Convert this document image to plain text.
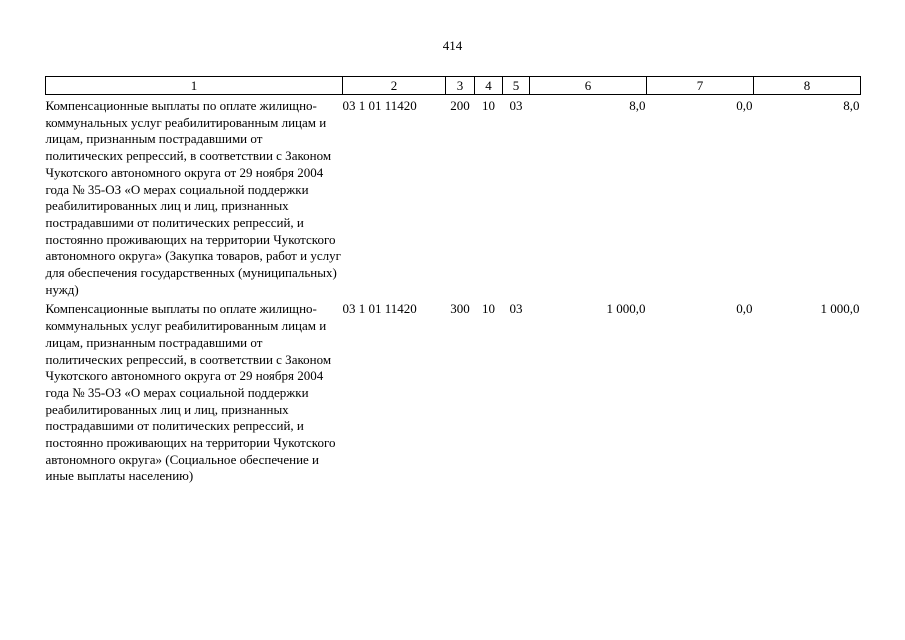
414
1	2	3	4	5	6	7	8
Компенсационные выплаты по оплате жилищно-коммунальных услуг реабилитированным лицам и лицам, признанным пострадавшими от политических репрессий, в соответствии с Законом Чукотского автономного округа от 29 ноября 2004 года № 35-ОЗ «О мерах социальной поддержки реабилитированных лиц и лиц, признанных пострадавшими от политических репрессий, и постоянно проживающих на территории Чукотского автономного округа» (Закупка товаров, работ и услуг для обеспечения государственных (муниципальных) нужд)	03 1 01 11420	200	10	03	8,0	0,0	8,0
Компенсационные выплаты по оплате жилищно-коммунальных услуг реабилитированным лицам и лицам, признанным пострадавшими от политических репрессий, в соответствии с Законом Чукотского автономного округа от 29 ноября 2004 года № 35-ОЗ «О мерах социальной поддержки реабилитированных лиц и лиц, признанных пострадавшими от политических репрессий, и постоянно проживающих на территории Чукотского автономного округа» (Социальное обеспечение и иные выплаты населению)	03 1 01 11420	300	10	03	1 000,0	0,0	1 000,0
